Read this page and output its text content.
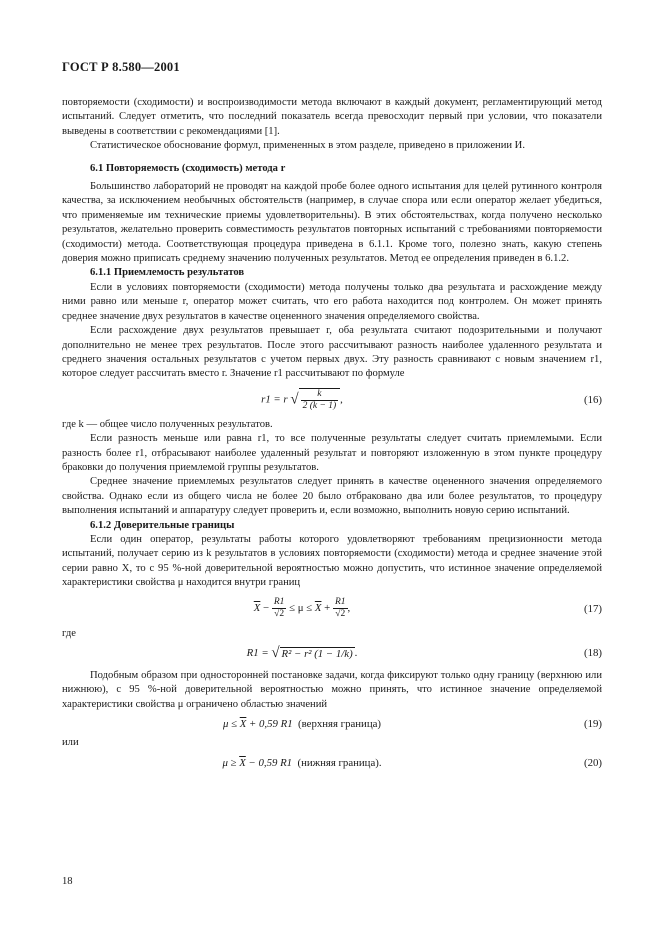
ГОСТ Р 8.580—2001

повторяемости (сходимости) и воспроизводимости метода включают в каждый документ, регламентирующий метод испытаний. Следует отметить, что последний показатель всегда превосходит первый при условии, что показатели выведены в соответствии с рекомендациями [1].

Статистическое обоснование формул, примененных в этом разделе, приведено в приложении И.

6.1 Повторяемость (сходимость) метода r

Большинство лабораторий не проводят на каждой пробе более одного испытания для целей рутинного контроля качества, за исключением необычных обстоятельств (например, в случае спора или если оператор желает убедиться, что применяемые им технические приемы удовлетворительны). В этих обстоятельствах, когда получено несколько результатов, желательно проверить совместимость результатов повторных испытаний с требованиями повторяемости (сходимости) метода. Соответствующая процедура приведена в 6.1.1. Кроме того, полезно знать, какую степень доверия можно приписать среднему значению полученных результатов. Метод ее определения приведен в 6.1.2.

6.1.1 Приемлемость результатов

Если в условиях повторяемости (сходимости) метода получены только два результата и расхождение между ними равно или меньше r, оператор может считать, что его работа находится под контролем. Он может принять среднее значение двух результатов в качестве оцененного значения определяемого свойства.

Если расхождение двух результатов превышает r, оба результата считают подозрительными и получают дополнительно не менее трех результатов. После этого рассчитывают разность наиболее удаленного результата и среднего значения остальных результатов с учетом первых двух. Эту разность сравнивают с новым значением r1, которое следует рассчитать вместо r. Значение r1 рассчитывают по формуле

r1 = r √ $\frac{k}{2 (k - 1)}$ ,	(16)

где k — общее число полученных результатов.

Если разность меньше или равна r1, то все полученные результаты следует считать приемлемыми. Если разность более r1, отбрасывают наиболее удаленный результат и повторяют изложенную в этом пункте процедуру браковки до получения приемлемой группы результатов.

Среднее значение приемлемых результатов следует принять в качестве оцененного значения определяемого свойства. Однако если из общего числа не более 20 было отбраковано два или более результатов, то процедуру выполнения испытаний и аппаратуру следует проверить и, если возможно, выполнить новую серию испытаний.

6.1.2 Доверительные границы

Если один оператор, результаты работы которого удовлетворяют требованиям прецизионности метода испытаний, получает серию из k результатов в условиях повторяемости (сходимости) метода и среднее значение этой серии равно X, то с 95 %-ной доверительной вероятностью можно допустить, что истинное значение определяемой характеристики свойства μ находится внутри границ

$\overline{X} - \frac{R1}{√2} \le \mu \le \overline{X} + \frac{R1}{√2}$ ,	(17)

где

R1 = √ R² − r² (1 − 1/k) .	(18)

Подобным образом при односторонней постановке задачи, когда фиксируют только одну границу (верхнюю или нижнюю), с 95 %-ной доверительной вероятностью можно принять, что истинное значение определяемой характеристики свойства μ ограничено областью значений

$\mu \le \overline{X} + 0,59$ R1 (верхняя граница)	(19)

или

$\mu \ge \overline{X} - 0,59$ R1 (нижняя граница).	(20)
18
